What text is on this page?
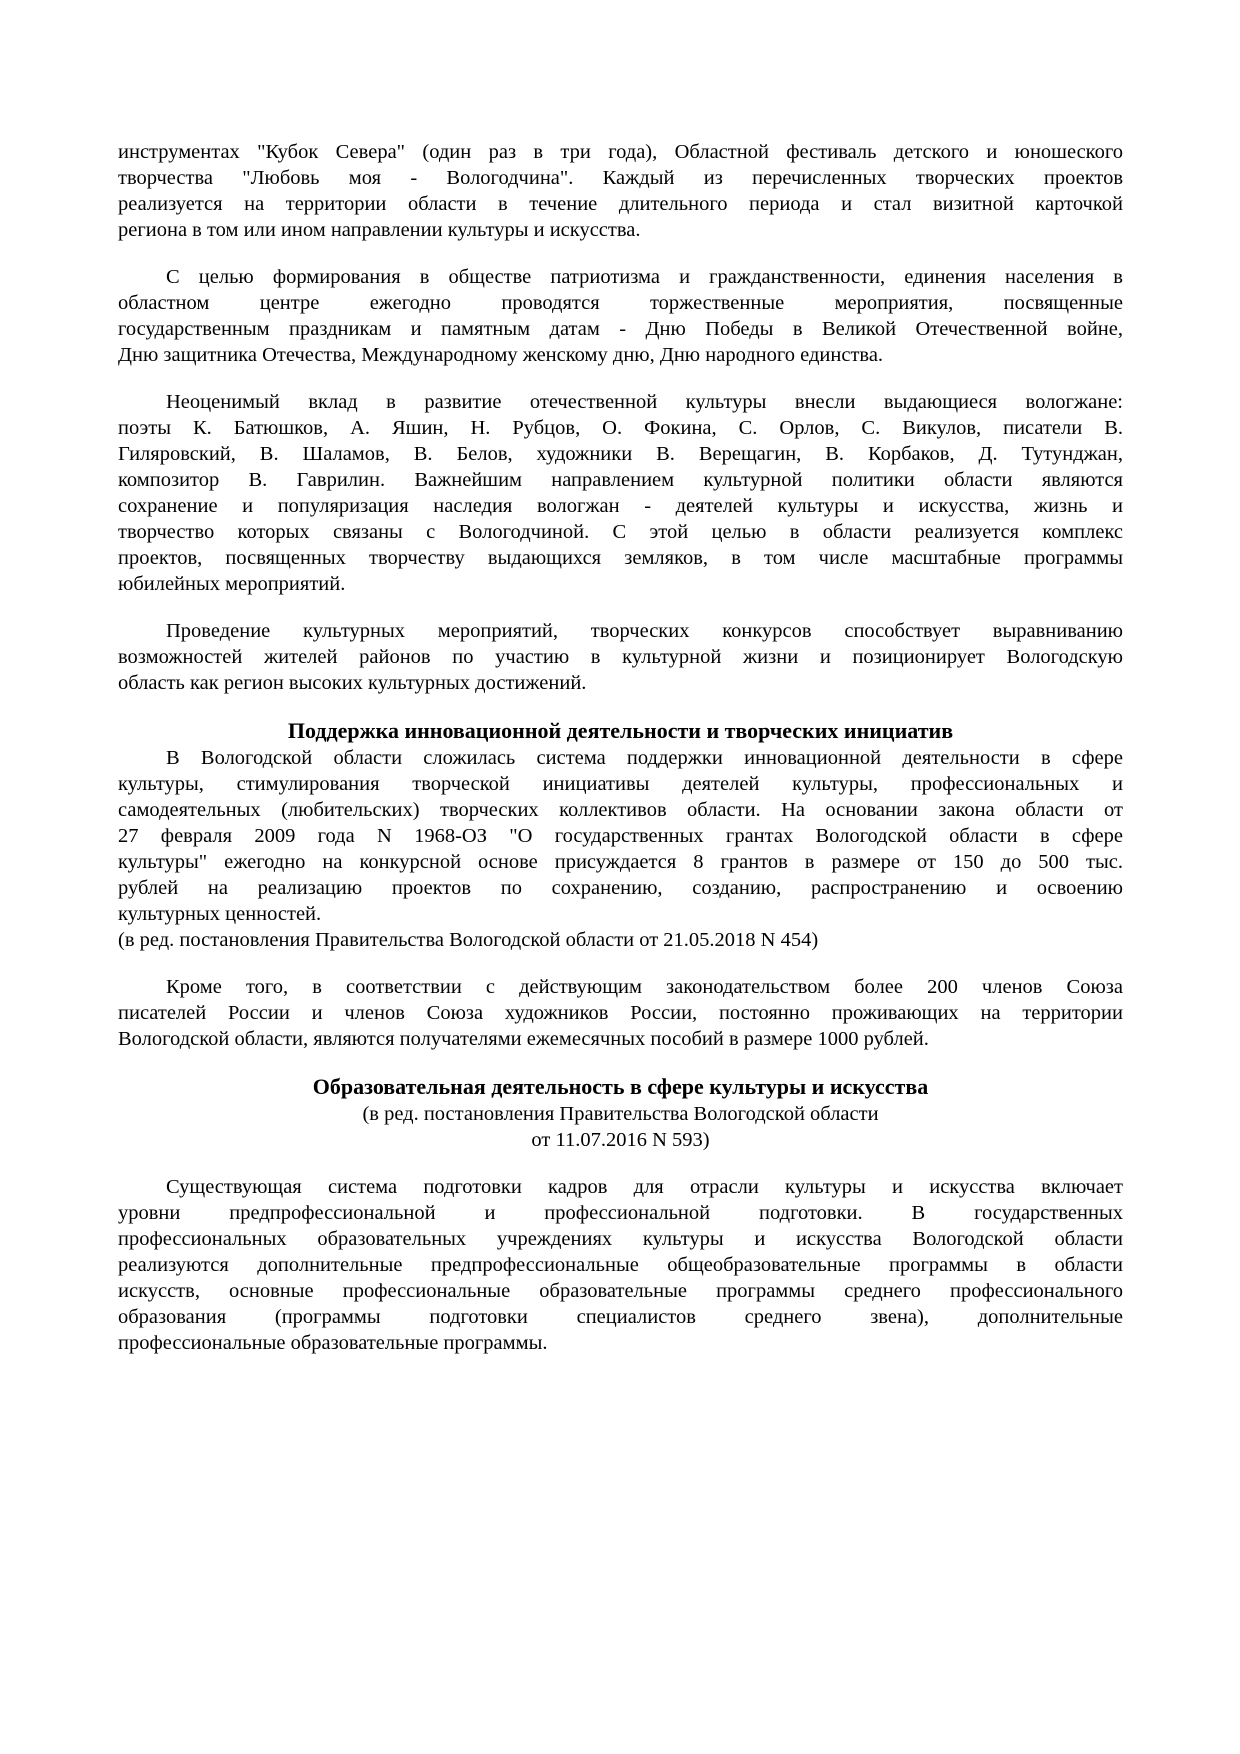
инструментах "Кубок Севера" (один раз в три года), Областной фестиваль детского и юношеского
творчества "Любовь моя - Вологодчина". Каждый из перечисленных творческих проектов
реализуется на территории области в течение длительного периода и стал визитной карточкой
региона в том или ином направлении культуры и искусства.
С целью формирования в обществе патриотизма и гражданственности, единения населения в
областном центре ежегодно проводятся торжественные мероприятия, посвященные
государственным праздникам и памятным датам - Дню Победы в Великой Отечественной войне,
Дню защитника Отечества, Международному женскому дню, Дню народного единства.
Неоценимый вклад в развитие отечественной культуры внесли выдающиеся вологжане:
поэты К. Батюшков, А. Яшин, Н. Рубцов, О. Фокина, С. Орлов, С. Викулов, писатели В.
Гиляровский, В. Шаламов, В. Белов, художники В. Верещагин, В. Корбаков, Д. Тутунджан,
композитор В. Гаврилин. Важнейшим направлением культурной политики области являются
сохранение и популяризация наследия вологжан - деятелей культуры и искусства, жизнь и
творчество которых связаны с Вологодчиной. С этой целью в области реализуется комплекс
проектов, посвященных творчеству выдающихся земляков, в том числе масштабные программы
юбилейных мероприятий.
Проведение культурных мероприятий, творческих конкурсов способствует выравниванию
возможностей жителей районов по участию в культурной жизни и позиционирует Вологодскую
область как регион высоких культурных достижений.
Поддержка инновационной деятельности и творческих инициатив
В Вологодской области сложилась система поддержки инновационной деятельности в сфере
культуры, стимулирования творческой инициативы деятелей культуры, профессиональных и
самодеятельных (любительских) творческих коллективов области. На основании закона области от
27 февраля 2009 года N 1968-ОЗ "О государственных грантах Вологодской области в сфере
культуры" ежегодно на конкурсной основе присуждается 8 грантов в размере от 150 до 500 тыс.
рублей на реализацию проектов по сохранению, созданию, распространению и освоению
культурных ценностей.
(в ред. постановления Правительства Вологодской области от 21.05.2018 N 454)
Кроме того, в соответствии с действующим законодательством более 200 членов Союза
писателей России и членов Союза художников России, постоянно проживающих на территории
Вологодской области, являются получателями ежемесячных пособий в размере 1000 рублей.
Образовательная деятельность в сфере культуры и искусства
(в ред. постановления Правительства Вологодской области
от 11.07.2016 N 593)
Существующая система подготовки кадров для отрасли культуры и искусства включает
уровни предпрофессиональной и профессиональной подготовки. В государственных
профессиональных образовательных учреждениях культуры и искусства Вологодской области
реализуются дополнительные предпрофессиональные общеобразовательные программы в области
искусств, основные профессиональные образовательные программы среднего профессионального
образования (программы подготовки специалистов среднего звена), дополнительные
профессиональные образовательные программы.
